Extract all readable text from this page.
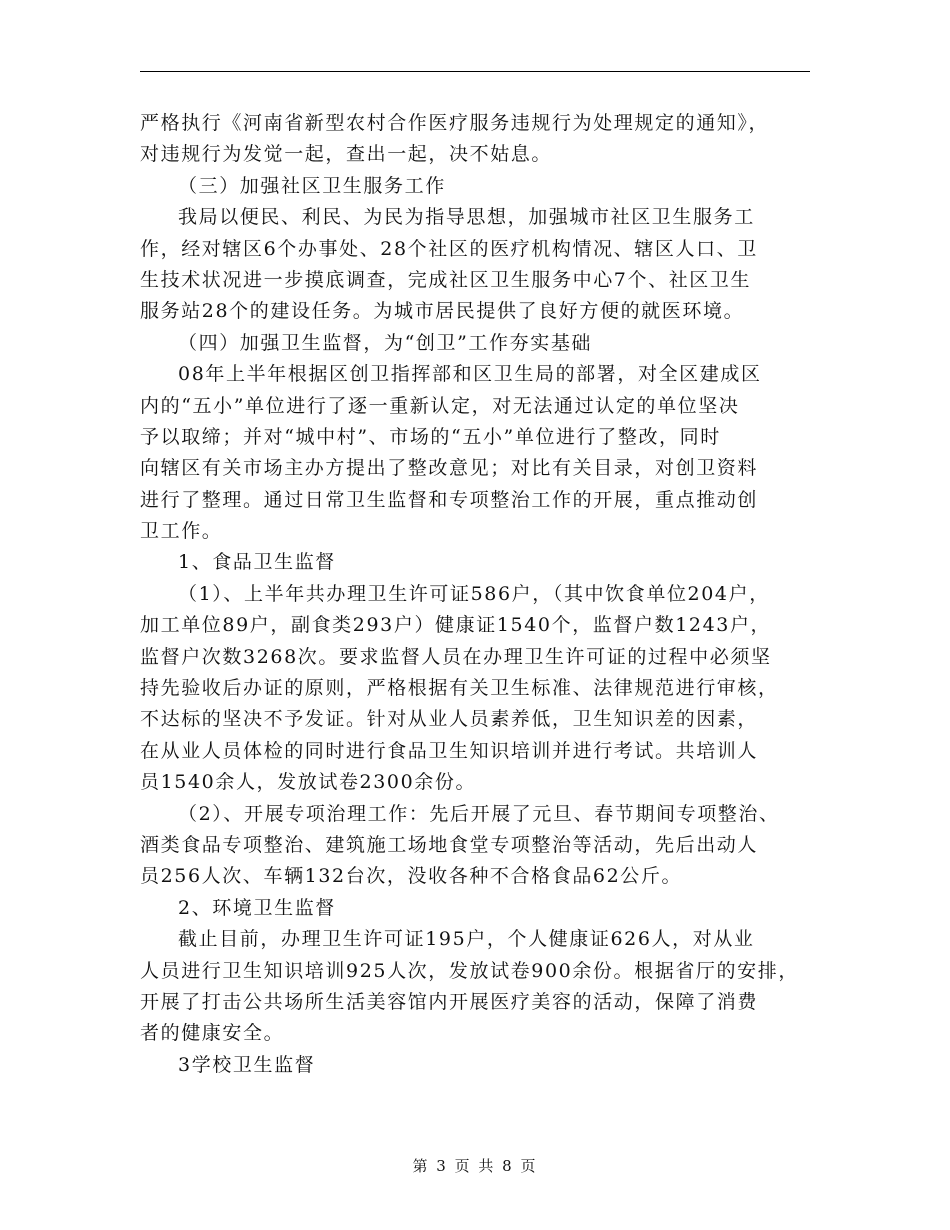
严格执行《河南省新型农村合作医疗服务违规行为处理规定的通知》，
对违规行为发觉一起，查出一起，决不姑息。
（三）加强社区卫生服务工作
我局以便民、利民、为民为指导思想，加强城市社区卫生服务工
作，经对辖区6个办事处、28个社区的医疗机构情况、辖区人口、卫
生技术状况进一步摸底调查，完成社区卫生服务中心7个、社区卫生
服务站28个的建设任务。为城市居民提供了良好方便的就医环境。
（四）加强卫生监督，为“创卫”工作夯实基础
08年上半年根据区创卫指挥部和区卫生局的部署，对全区建成区
内的“五小”单位进行了逐一重新认定，对无法通过认定的单位坚决
予以取缔；并对“城中村”、市场的“五小”单位进行了整改，同时
向辖区有关市场主办方提出了整改意见；对比有关目录，对创卫资料
进行了整理。通过日常卫生监督和专项整治工作的开展，重点推动创
卫工作。
1、食品卫生监督
（1）、上半年共办理卫生许可证586户，（其中饮食单位204户，
加工单位89户，副食类293户）健康证1540个，监督户数1243户，
监督户次数3268次。要求监督人员在办理卫生许可证的过程中必须坚
持先验收后办证的原则，严格根据有关卫生标准、法律规范进行审核，
不达标的坚决不予发证。针对从业人员素养低，卫生知识差的因素，
在从业人员体检的同时进行食品卫生知识培训并进行考试。共培训人
员1540余人，发放试卷2300余份。
（2）、开展专项治理工作：先后开展了元旦、春节期间专项整治、
酒类食品专项整治、建筑施工场地食堂专项整治等活动，先后出动人
员256人次、车辆132台次，没收各种不合格食品62公斤。
2、环境卫生监督
截止目前，办理卫生许可证195户，个人健康证626人，对从业
人员进行卫生知识培训925人次，发放试卷900余份。根据省厅的安排，
开展了打击公共场所生活美容馆内开展医疗美容的活动，保障了消费
者的健康安全。
3学校卫生监督
第 3 页 共 8 页
